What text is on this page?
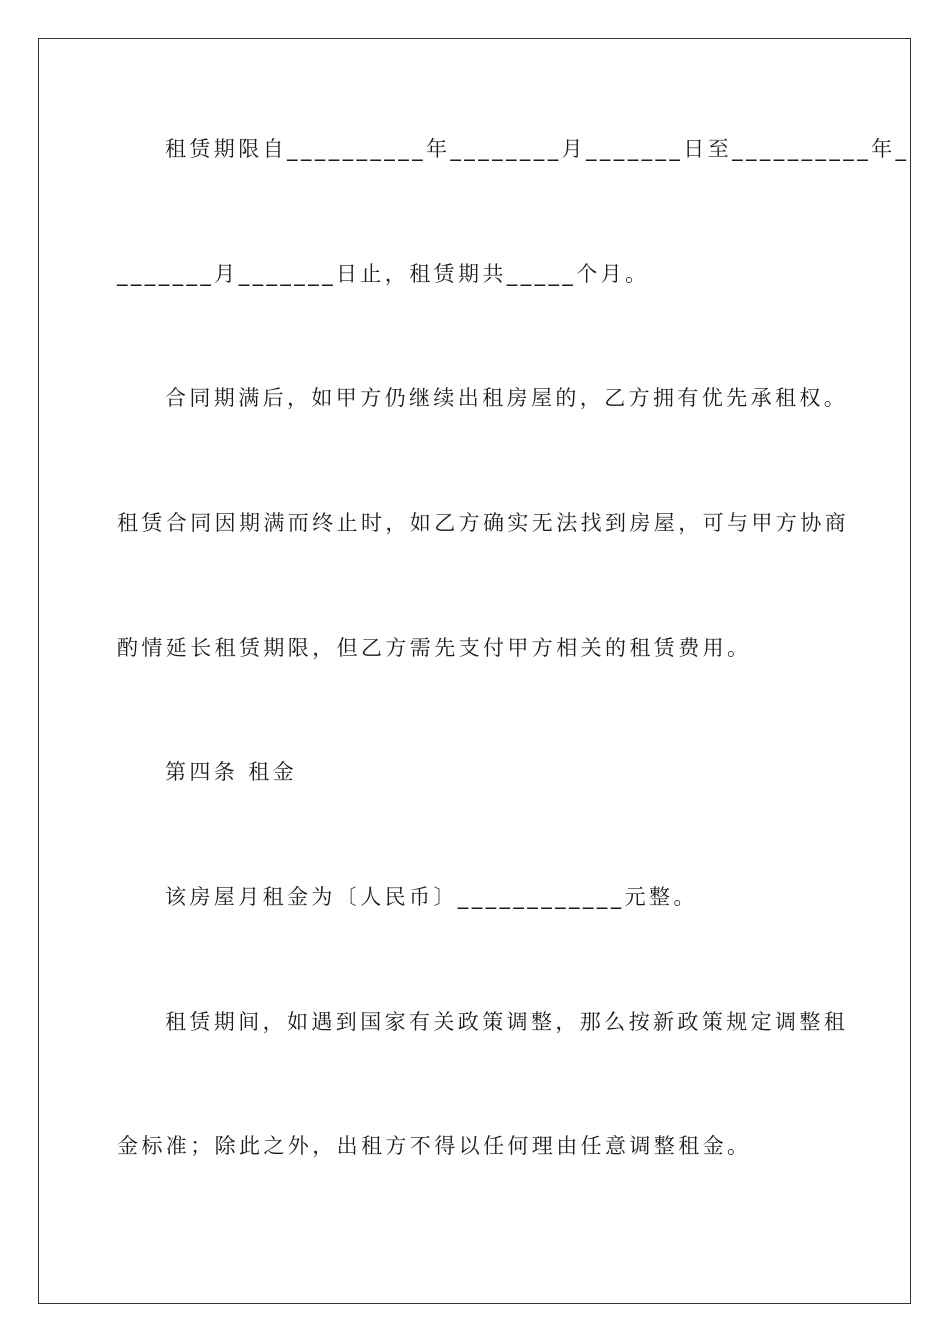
租赁期限自__________年________月_______日至__________年_
_______月_______日止，租赁期共_____个月。
合同期满后，如甲方仍继续出租房屋的，乙方拥有优先承租权。
租赁合同因期满而终止时，如乙方确实无法找到房屋，可与甲方协商
酌情延长租赁期限，但乙方需先支付甲方相关的租赁费用。
第四条 租金
该房屋月租金为〔人民币〕____________元整。
租赁期间，如遇到国家有关政策调整，那么按新政策规定调整租
金标准；除此之外，出租方不得以任何理由任意调整租金。
